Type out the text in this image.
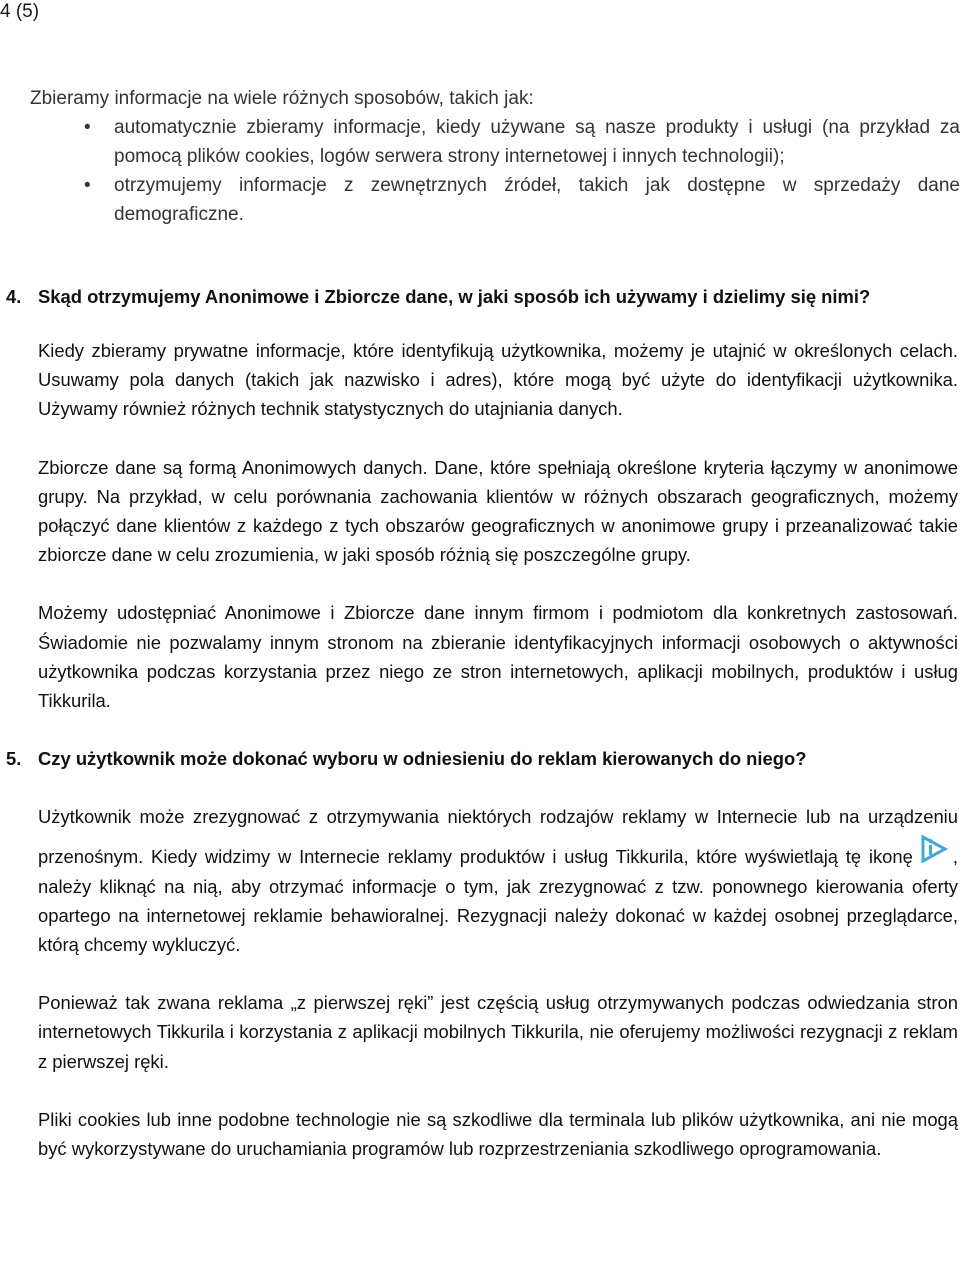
4 (5)

Zbieramy informacje na wiele różnych sposobów, takich jak:

• automatycznie zbieramy informacje, kiedy używane są nasze produkty i usługi (na przykład za pomocą plików cookies, logów serwera strony internetowej i innych technologii);
• otrzymujemy informacje z zewnętrznych źródeł, takich jak dostępne w sprzedaży dane demograficzne.
4. Skąd otrzymujemy Anonimowe i Zbiorcze dane, w jaki sposób ich używamy i dzielimy się nimi?

Kiedy zbieramy prywatne informacje, które identyfikują użytkownika, możemy je utajnić w określonych celach. Usuwamy pola danych (takich jak nazwisko i adres), które mogą być użyte do identyfikacji użytkownika. Używamy również różnych technik statystycznych do utajniania danych.

Zbiorcze dane są formą Anonimowych danych. Dane, które spełniają określone kryteria łączymy w anonimowe grupy. Na przykład, w celu porównania zachowania klientów w różnych obszarach geograficznych, możemy połączyć dane klientów z każdego z tych obszarów geograficznych w anonimowe grupy i przeanalizować takie zbiorcze dane w celu zrozumienia, w jaki sposób różnią się poszczególne grupy.

Możemy udostępniać Anonimowe i Zbiorcze dane innym firmom i podmiotom dla konkretnych zastosowań. Świadomie nie pozwalamy innym stronom na zbieranie identyfikacyjnych informacji osobowych o aktywności użytkownika podczas korzystania przez niego ze stron internetowych, aplikacji mobilnych, produktów i usług Tikkurila.

5. Czy użytkownik może dokonać wyboru w odniesieniu do reklam kierowanych do niego?

Użytkownik może zrezygnować z otrzymywania niektórych rodzajów reklamy w Internecie lub na urządzeniu przenośnym. Kiedy widzimy w Internecie reklamy produktów i usług Tikkurila, które wyświetlają tę ikonę , należy kliknąć na nią, aby otrzymać informacje o tym, jak zrezygnować z tzw. ponownego kierowania oferty opartego na internetowej reklamie behawioralnej. Rezygnacji należy dokonać w każdej osobnej przeglądarce, którą chcemy wykluczyć.

Ponieważ tak zwana reklama „z pierwszej ręki” jest częścią usług otrzymywanych podczas odwiedzania stron internetowych Tikkurila i korzystania z aplikacji mobilnych Tikkurila, nie oferujemy możliwości rezygnacji z reklam z pierwszej ręki.

Pliki cookies lub inne podobne technologie nie są szkodliwe dla terminala lub plików użytkownika, ani nie mogą być wykorzystywane do uruchamiania programów lub rozprzestrzeniania szkodliwego oprogramowania.
